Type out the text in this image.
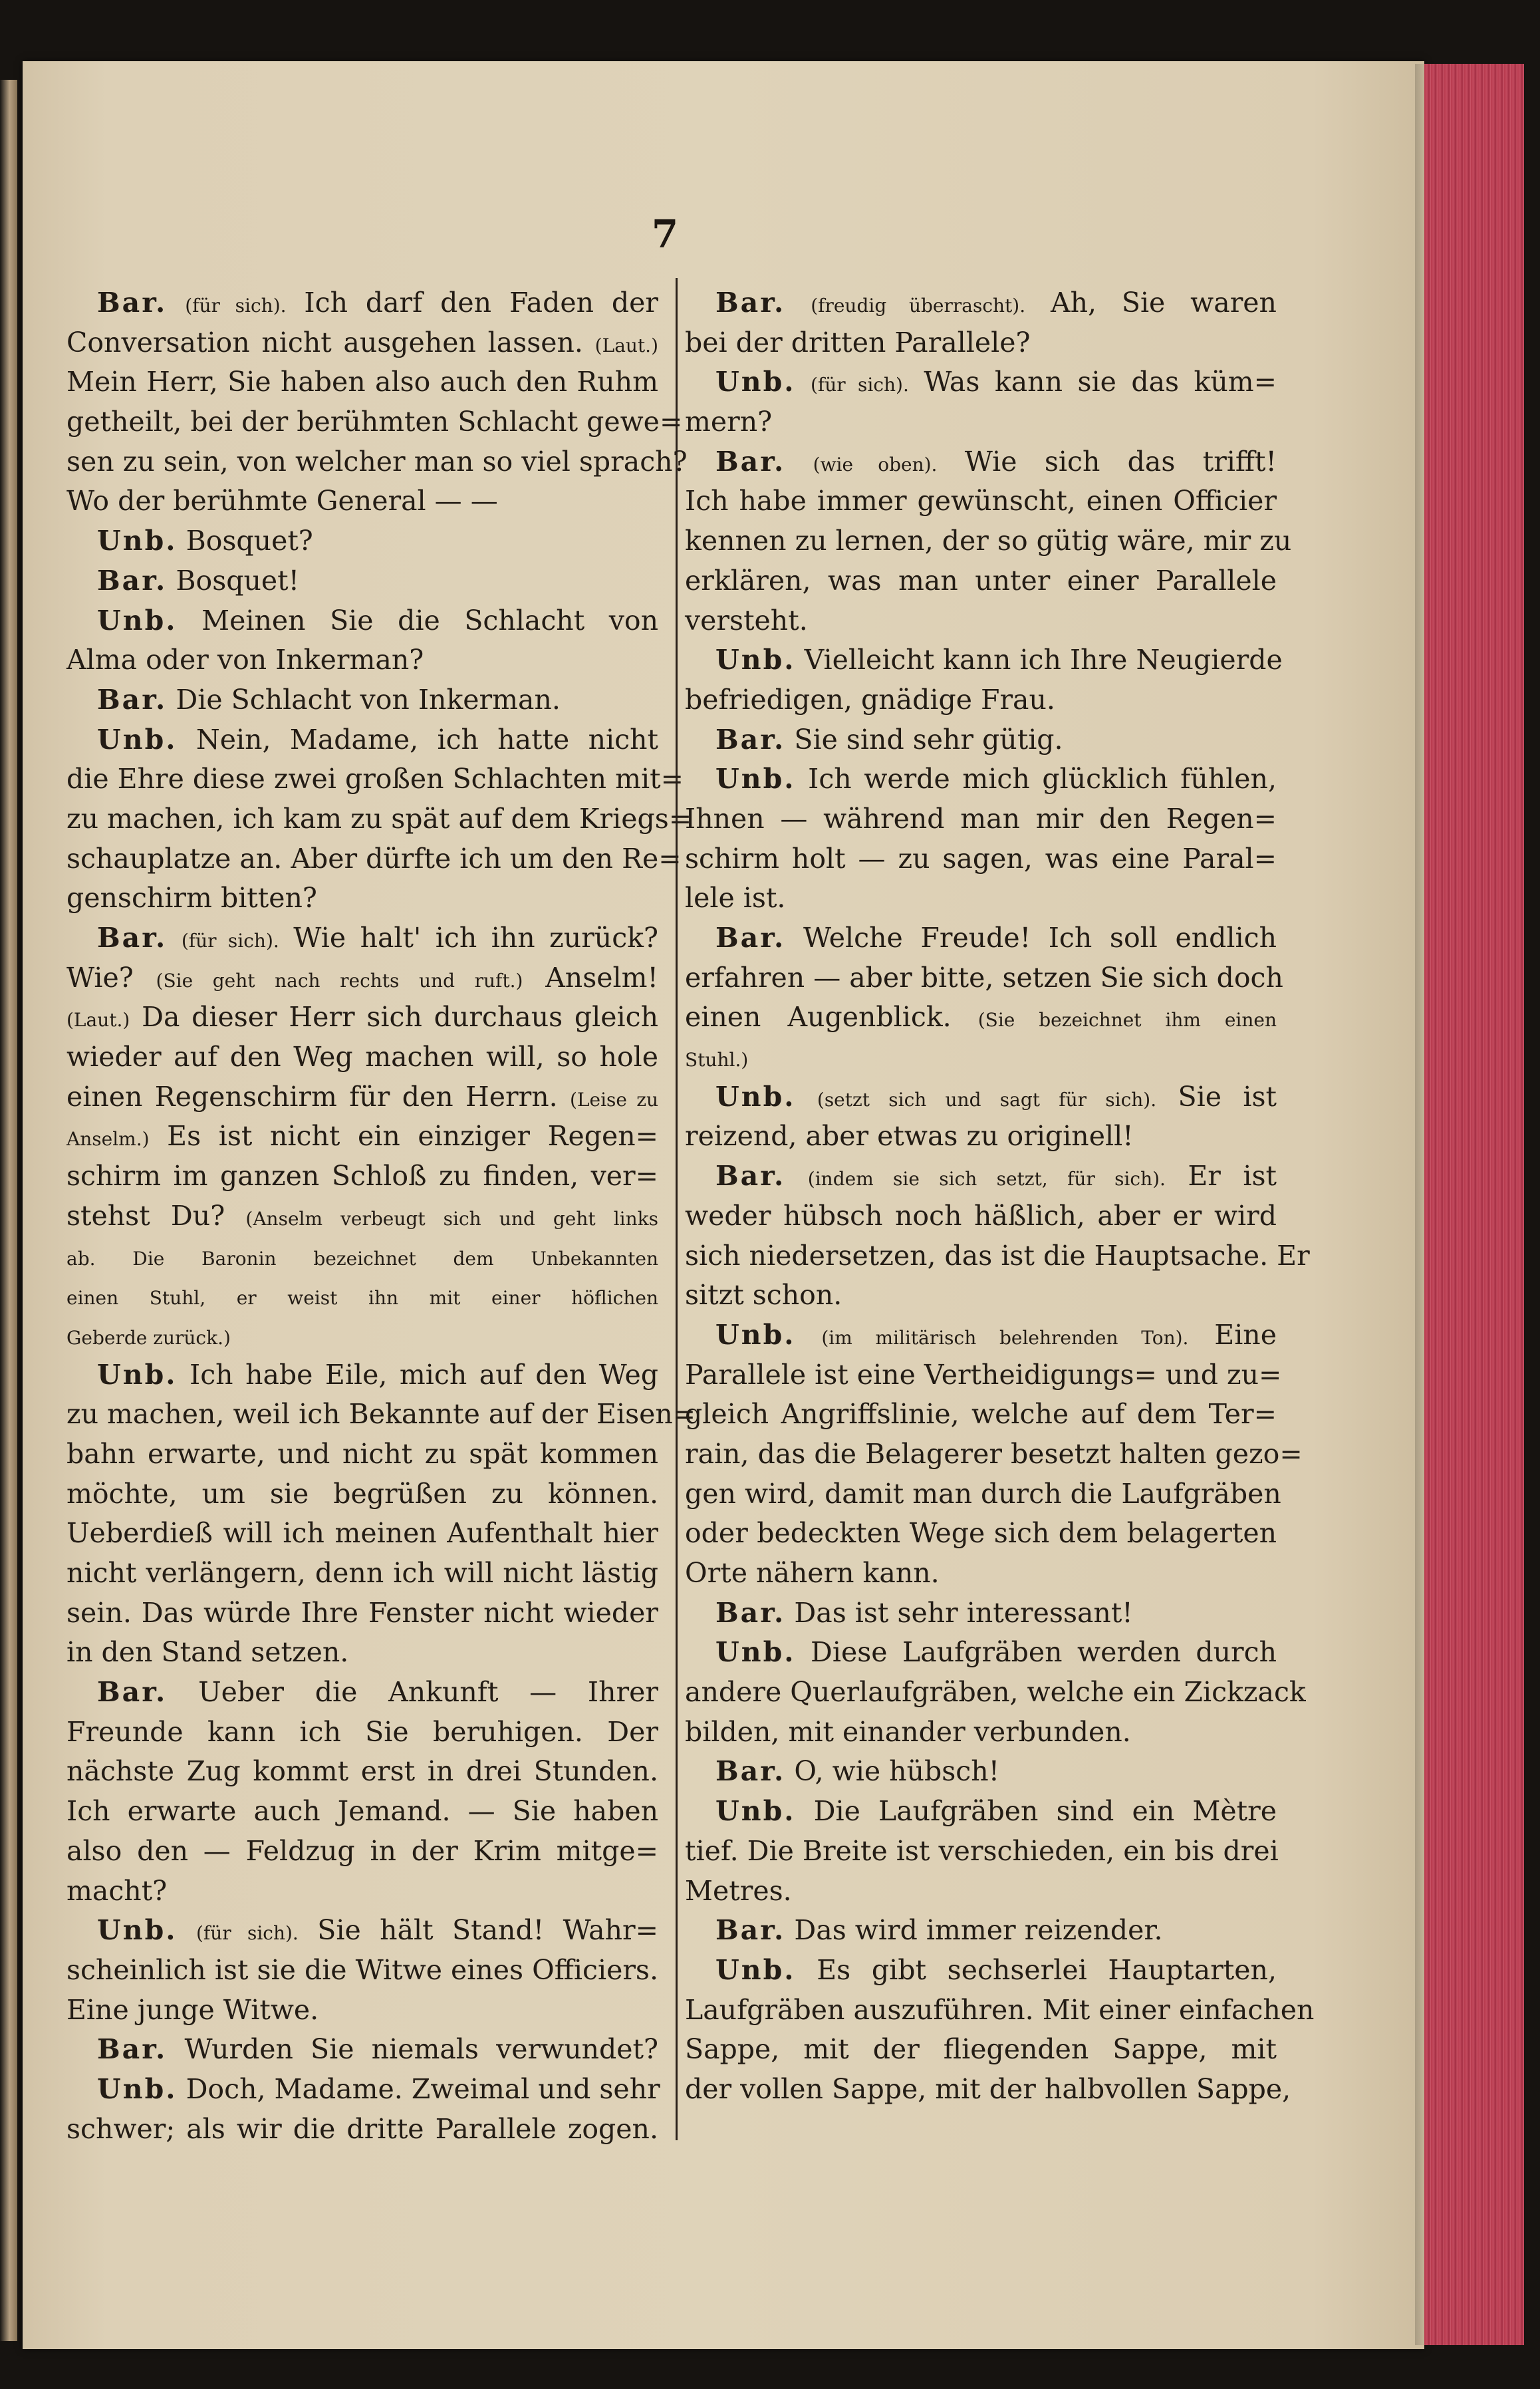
7
Bar. (für sich). Ich darf den Faden der
Conversation nicht ausgehen lassen. (Laut.)
Mein Herr, Sie haben also auch den Ruhm
getheilt, bei der berühmten Schlacht gewe=
sen zu sein, von welcher man so viel sprach?
Wo der berühmte General — —
Unb. Bosquet?
Bar. Bosquet!
Unb. Meinen Sie die Schlacht von
Alma oder von Inkerman?
Bar. Die Schlacht von Inkerman.
Unb. Nein, Madame, ich hatte nicht
die Ehre diese zwei großen Schlachten mit=
zu machen, ich kam zu spät auf dem Kriegs=
schauplatze an. Aber dürfte ich um den Re=
genschirm bitten?
Bar. (für sich). Wie halt' ich ihn zurück?
Wie? (Sie geht nach rechts und ruft.) Anselm!
(Laut.) Da dieser Herr sich durchaus gleich
wieder auf den Weg machen will, so hole
einen Regenschirm für den Herrn. (Leise zu
Anselm.) Es ist nicht ein einziger Regen=
schirm im ganzen Schloß zu finden, ver=
stehst Du? (Anselm verbeugt sich und geht links
ab. Die Baronin bezeichnet dem Unbekannten
einen Stuhl, er weist ihn mit einer höflichen
Geberde zurück.)
Unb. Ich habe Eile, mich auf den Weg
zu machen, weil ich Bekannte auf der Eisen=
bahn erwarte, und nicht zu spät kommen
möchte, um sie begrüßen zu können.
Ueberdieß will ich meinen Aufenthalt hier
nicht verlängern, denn ich will nicht lästig
sein. Das würde Ihre Fenster nicht wieder
in den Stand setzen.
Bar. Ueber die Ankunft — Ihrer
Freunde kann ich Sie beruhigen. Der
nächste Zug kommt erst in drei Stunden.
Ich erwarte auch Jemand. — Sie haben
also den — Feldzug in der Krim mitge=
macht?
Unb. (für sich). Sie hält Stand! Wahr=
scheinlich ist sie die Witwe eines Officiers.
Eine junge Witwe.
Bar. Wurden Sie niemals verwundet?
Unb. Doch, Madame. Zweimal und sehr
schwer; als wir die dritte Parallele zogen.
Bar. (freudig überrascht). Ah, Sie waren
bei der dritten Parallele?
Unb. (für sich). Was kann sie das küm=
mern?
Bar. (wie oben). Wie sich das trifft!
Ich habe immer gewünscht, einen Officier
kennen zu lernen, der so gütig wäre, mir zu
erklären, was man unter einer Parallele
versteht.
Unb. Vielleicht kann ich Ihre Neugierde
befriedigen, gnädige Frau.
Bar. Sie sind sehr gütig.
Unb. Ich werde mich glücklich fühlen,
Ihnen — während man mir den Regen=
schirm holt — zu sagen, was eine Paral=
lele ist.
Bar. Welche Freude! Ich soll endlich
erfahren — aber bitte, setzen Sie sich doch
einen Augenblick. (Sie bezeichnet ihm einen
Stuhl.)
Unb. (setzt sich und sagt für sich). Sie ist
reizend, aber etwas zu originell!
Bar. (indem sie sich setzt, für sich). Er ist
weder hübsch noch häßlich, aber er wird
sich niedersetzen, das ist die Hauptsache. Er
sitzt schon.
Unb. (im militärisch belehrenden Ton). Eine
Parallele ist eine Vertheidigungs= und zu=
gleich Angriffslinie, welche auf dem Ter=
rain, das die Belagerer besetzt halten gezo=
gen wird, damit man durch die Laufgräben
oder bedeckten Wege sich dem belagerten
Orte nähern kann.
Bar. Das ist sehr interessant!
Unb. Diese Laufgräben werden durch
andere Querlaufgräben, welche ein Zickzack
bilden, mit einander verbunden.
Bar. O, wie hübsch!
Unb. Die Laufgräben sind ein Mètre
tief. Die Breite ist verschieden, ein bis drei
Metres.
Bar. Das wird immer reizender.
Unb. Es gibt sechserlei Hauptarten,
Laufgräben auszuführen. Mit einer einfachen
Sappe, mit der fliegenden Sappe, mit
der vollen Sappe, mit der halbvollen Sappe,
